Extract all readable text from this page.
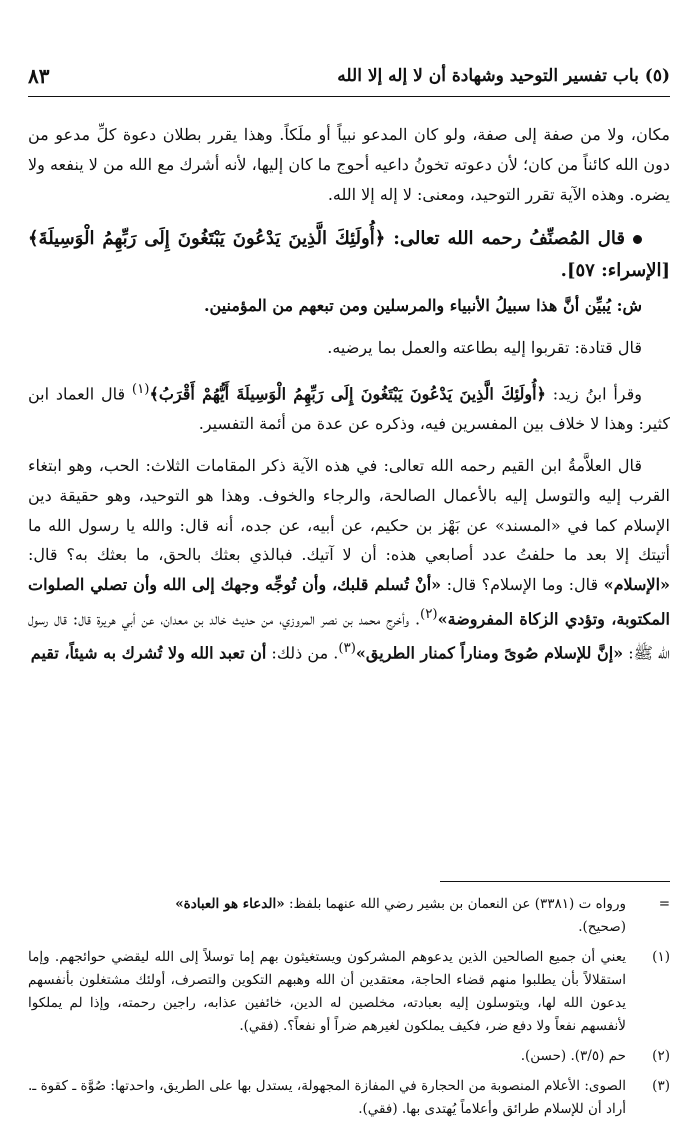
(٥) باب تفسير التوحيد وشهادة أن لا إله إلا الله
٨٣

مكان، ولا من صفة إلى صفة، ولو كان المدعو نبياً أو ملَكاً. وهذا يقرر بطلان دعوة كلِّ مدعو من دون الله كائناً من كان؛ لأن دعوته تخونُ داعيه أحوج ما كان إليها، لأنه أشرك مع الله من لا ينفعه ولا يضره. وهذه الآية تقرر التوحيد، ومعنى: لا إله إلا الله.

قال المُصنِّفُ رحمه الله تعالى: ﴿أُولَئِكَ الَّذِينَ يَدْعُونَ يَبْتَغُونَ إِلَى رَبِّهِمُ الْوَسِيلَةَ﴾ [الإسراء: ٥٧].

ش: يُبيِّن أنَّ هذا سبيلُ الأنبياء والمرسلين ومن تبعهم من المؤمنين.

قال قتادة: تقربوا إليه بطاعته والعمل بما يرضيه.

وقرأ ابنُ زيد: ﴿أُولَئِكَ الَّذِينَ يَدْعُونَ يَبْتَغُونَ إِلَى رَبِّهِمُ الْوَسِيلَةَ أَيُّهُمْ أَقْرَبُ﴾$^{(١)}$ قال العماد ابن كثير: وهذا لا خلاف بين المفسرين فيه، وذكره عن عدة من أئمة التفسير.

قال العلاَّمةُ ابن القيم رحمه الله تعالى: في هذه الآية ذكر المقامات الثلاث: الحب، وهو ابتغاء القرب إليه والتوسل إليه بالأعمال الصالحة، والرجاء والخوف. وهذا هو التوحيد، وهو حقيقة دين الإسلام كما في «المسند» عن بَهْز بن حكيم، عن أبيه، عن جده، أنه قال: والله يا رسول الله ما أتيتك إلا بعد ما حلفتُ عدد أصابعي هذه: أن لا آتيك. فبالذي بعثك بالحق، ما بعثك به؟ قال: «الإسلام» قال: وما الإسلام؟ قال: «أنْ تُسلم قلبك، وأن تُوجِّه وجهك إلى الله وأن تصلي الصلوات المكتوبة، وتؤدي الزكاة المفروضة»$^{(٢)}$. وأخرج محمد بن نصر المروزي، من حديث خالد بن معدان، عن أبي هريرة قال: قال رسول الله ﷺ: «إنَّ للإسلام صُوىً ومناراً كمنار الطريق»$^{(٣)}$. من ذلك: أن تعبد الله ولا تُشرك به شيئاً، تقيم

=
ورواه ت (٣٣٨١) عن النعمان بن بشير رضي الله عنهما بلفظ: «الدعاء هو العبادة»
(صحيح).
(١)
يعني أن جميع الصالحين الذين يدعوهم المشركون ويستغيثون بهم إما توسلاً إلى الله ليقضي حوائجهم. وإما استقلالاً بأن يطلبوا منهم قضاء الحاجة، معتقدين أن الله وهبهم التكوين والتصرف، أولئك مشتغلون بأنفسهم يدعون الله لها، ويتوسلون إليه بعبادته، مخلصين له الدين، خائفين عذابه، راجين رحمته، وإذا لم يملكوا لأنفسهم نفعاً ولا دفع ضر، فكيف يملكون لغيرهم ضراً أو نفعاً؟. (فقي).
(٢)
حم (٣/٥). (حسن).
(٣)
الصوى: الأعلام المنصوبة من الحجارة في المفازة المجهولة، يستدل بها على الطريق، واحدتها: صُوَّة ـ كقوة ـ. أراد أن للإسلام طرائق وأعلاماً يُهتدى بها. (فقي).
